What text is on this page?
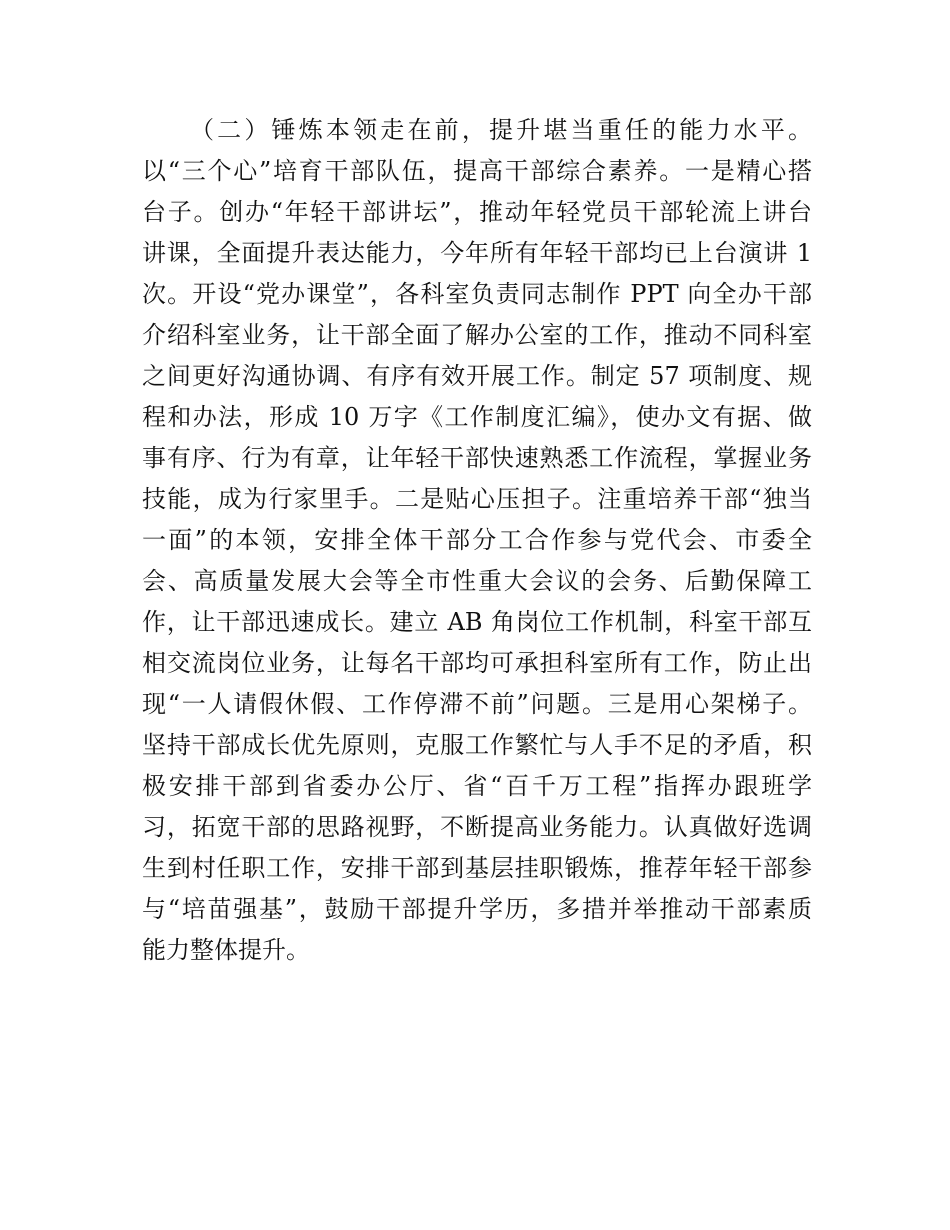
（二）锤炼本领走在前，提升堪当重任的能力水平。
以“三个心”培育干部队伍，提高干部综合素养。一是精心搭
台子。创办“年轻干部讲坛”，推动年轻党员干部轮流上讲台
讲课，全面提升表达能力，今年所有年轻干部均已上台演讲 1
次。开设“党办课堂”，各科室负责同志制作 PPT 向全办干部
介绍科室业务，让干部全面了解办公室的工作，推动不同科室
之间更好沟通协调、有序有效开展工作。制定 57 项制度、规
程和办法，形成 10 万字《工作制度汇编》，使办文有据、做
事有序、行为有章，让年轻干部快速熟悉工作流程，掌握业务
技能，成为行家里手。二是贴心压担子。注重培养干部“独当
一面”的本领，安排全体干部分工合作参与党代会、市委全
会、高质量发展大会等全市性重大会议的会务、后勤保障工
作，让干部迅速成长。建立 AB 角岗位工作机制，科室干部互
相交流岗位业务，让每名干部均可承担科室所有工作，防止出
现“一人请假休假、工作停滞不前”问题。三是用心架梯子。
坚持干部成长优先原则，克服工作繁忙与人手不足的矛盾，积
极安排干部到省委办公厅、省“百千万工程”指挥办跟班学
习，拓宽干部的思路视野，不断提高业务能力。认真做好选调
生到村任职工作，安排干部到基层挂职锻炼，推荐年轻干部参
与“培苗强基”，鼓励干部提升学历，多措并举推动干部素质
能力整体提升。
